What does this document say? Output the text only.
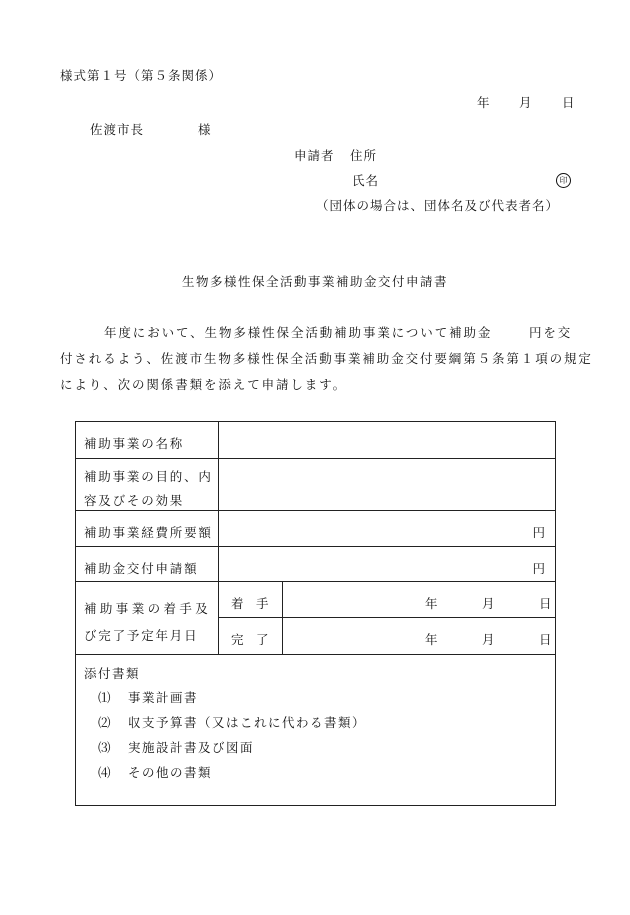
様式第１号（第５条関係）
年 月 日
佐渡市長	様
申請者 住所
氏名	印
（団体の場合は、団体名及び代表者名）
生物多様性保全活動事業補助金交付申請書
年度において、生物多様性保全活動補助事業について補助金	円を交
付されるよう、佐渡市生物多様性保全活動事業補助金交付要綱第５条第１項の規定
により、次の関係書類を添えて申請します。
補助事業の名称
補助事業の目的、内
容及びその効果
補助事業経費所要額	円
補助金交付申請額	円
補助事業の着手及
び完了予定年月日
着　手	年	月	日
完　了	年	月	日
添付書類
⑴ 事業計画書
⑵ 収支予算書（又はこれに代わる書類）
⑶ 実施設計書及び図面
⑷ その他の書類
